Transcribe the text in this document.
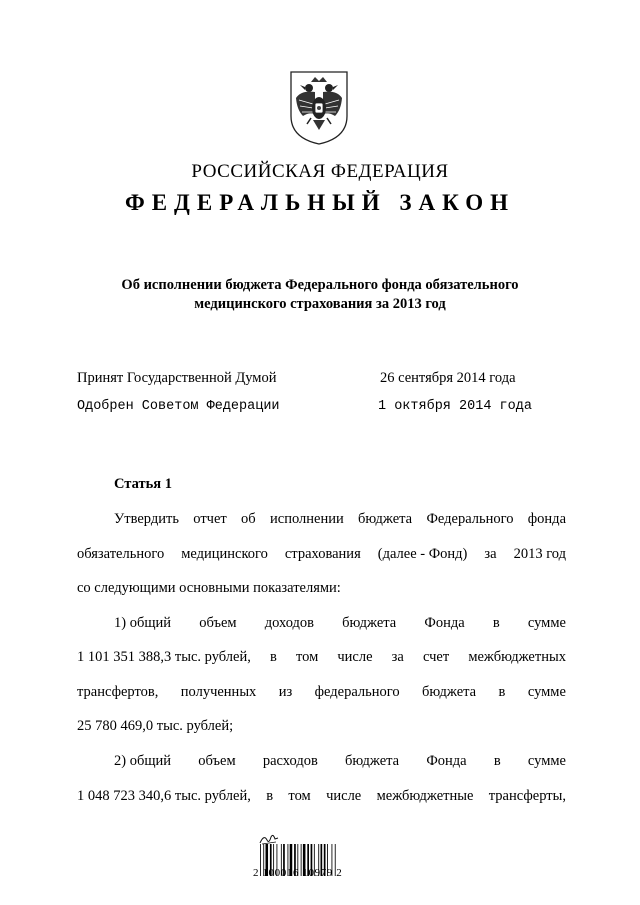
РОССИЙСКАЯ ФЕДЕРАЦИЯ
ФЕДЕРАЛЬНЫЙ ЗАКОН
Об исполнении бюджета Федерального фонда обязательного
медицинского страхования за 2013 год
Принят Государственной Думой	26 сентября 2014 года
Одобрен Советом Федерации	1 октября 2014 года
Статья 1
Утвердить отчет об исполнении бюджета Федерального фонда
обязательного медицинского страхования (далее - Фонд) за 2013 год
со следующими основными показателями:
1) общий объем доходов бюджета Фонда в сумме
1 101 351 388,3 тыс. рублей, в том числе за счет межбюджетных
трансфертов, полученных из федерального бюджета в сумме
25 780 469,0 тыс. рублей;
2) общий объем расходов бюджета Фонда в сумме
1 048 723 340,6 тыс. рублей, в том числе межбюджетные трансферты,
2 100016 10979 2
